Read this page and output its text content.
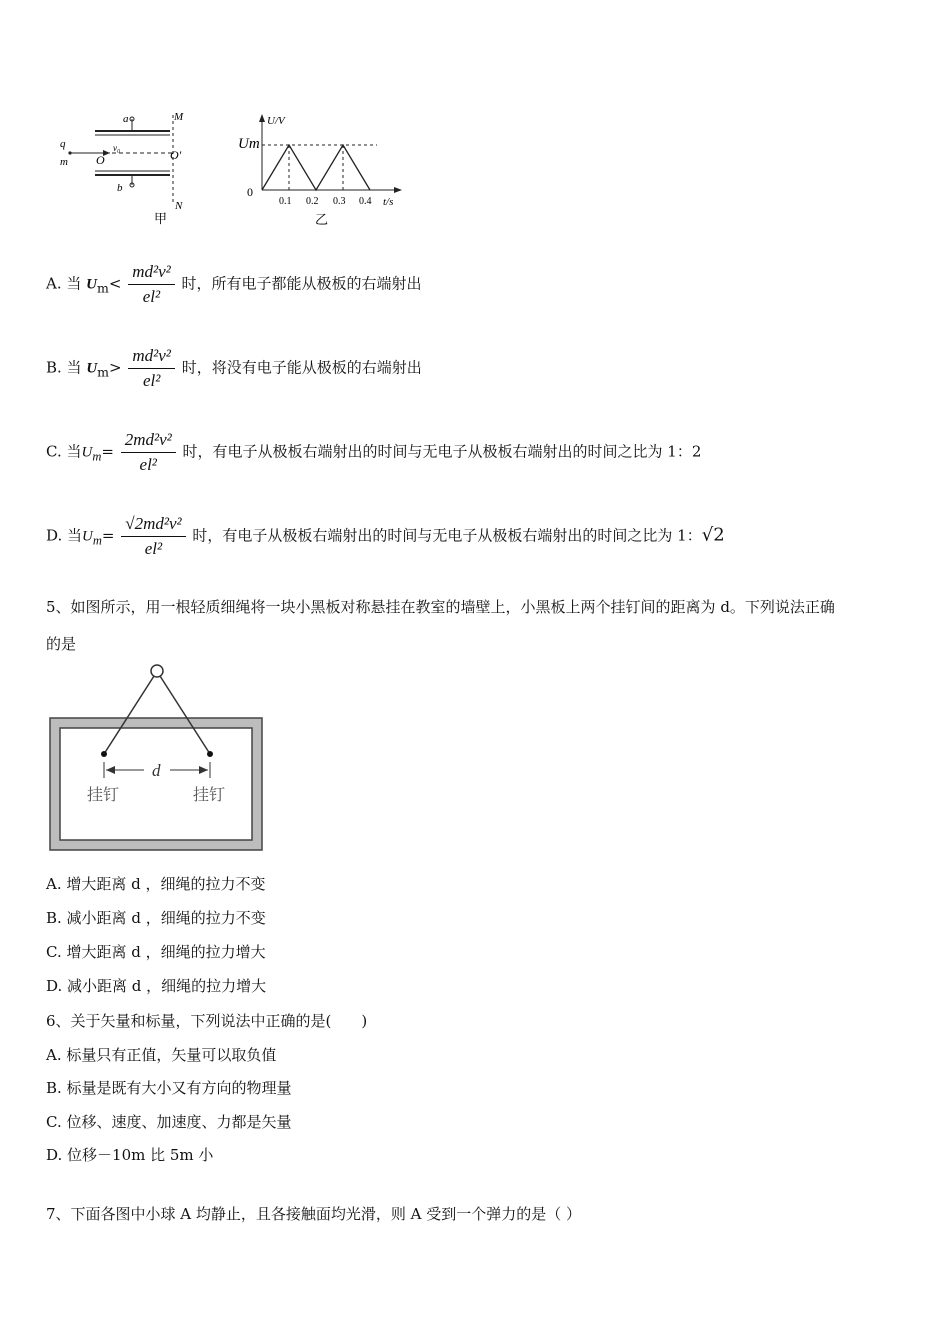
a	M
q
m O
v₀	O′
b
N
甲
U/V
Um
0
0.1 0.2 0.3 0.4 t/s
乙
A. 当 $U_m< \frac{\text{md²v²}}{\text{el²}}$ 时，所有电子都能从极板的右端射出
B. 当 $U_m> \frac{\text{md²v²}}{\text{el²}}$ 时，将没有电子能从极板的右端射出
C. 当$U_m= \frac{\text{2md²v²}}{\text{el²}}$ 时，有电子从极板右端射出的时间与无电子从极板右端射出的时间之比为 1：2
D. 当$U_m= \frac{\text{√2md²v²}}{\text{el²}}$ 时，有电子从极板右端射出的时间与无电子从极板右端射出的时间之比为 1：√2
5、如图所示，用一根轻质细绳将一块小黑板对称悬挂在教室的墙壁上，小黑板上两个挂钉间的距离为 d。下列说法正确
的是
d
挂钉	挂钉
A. 增大距离 d ，细绳的拉力不变
B. 减小距离 d ，细绳的拉力不变
C. 增大距离 d ，细绳的拉力增大
D. 减小距离 d ，细绳的拉力增大
6、关于矢量和标量，下列说法中正确的是(　　)
A. 标量只有正值，矢量可以取负值
B. 标量是既有大小又有方向的物理量
C. 位移、速度、加速度、力都是矢量
D. 位移－10m 比 5m 小
7、下面各图中小球 A 均静止，且各接触面均光滑，则 A 受到一个弹力的是（ ）
